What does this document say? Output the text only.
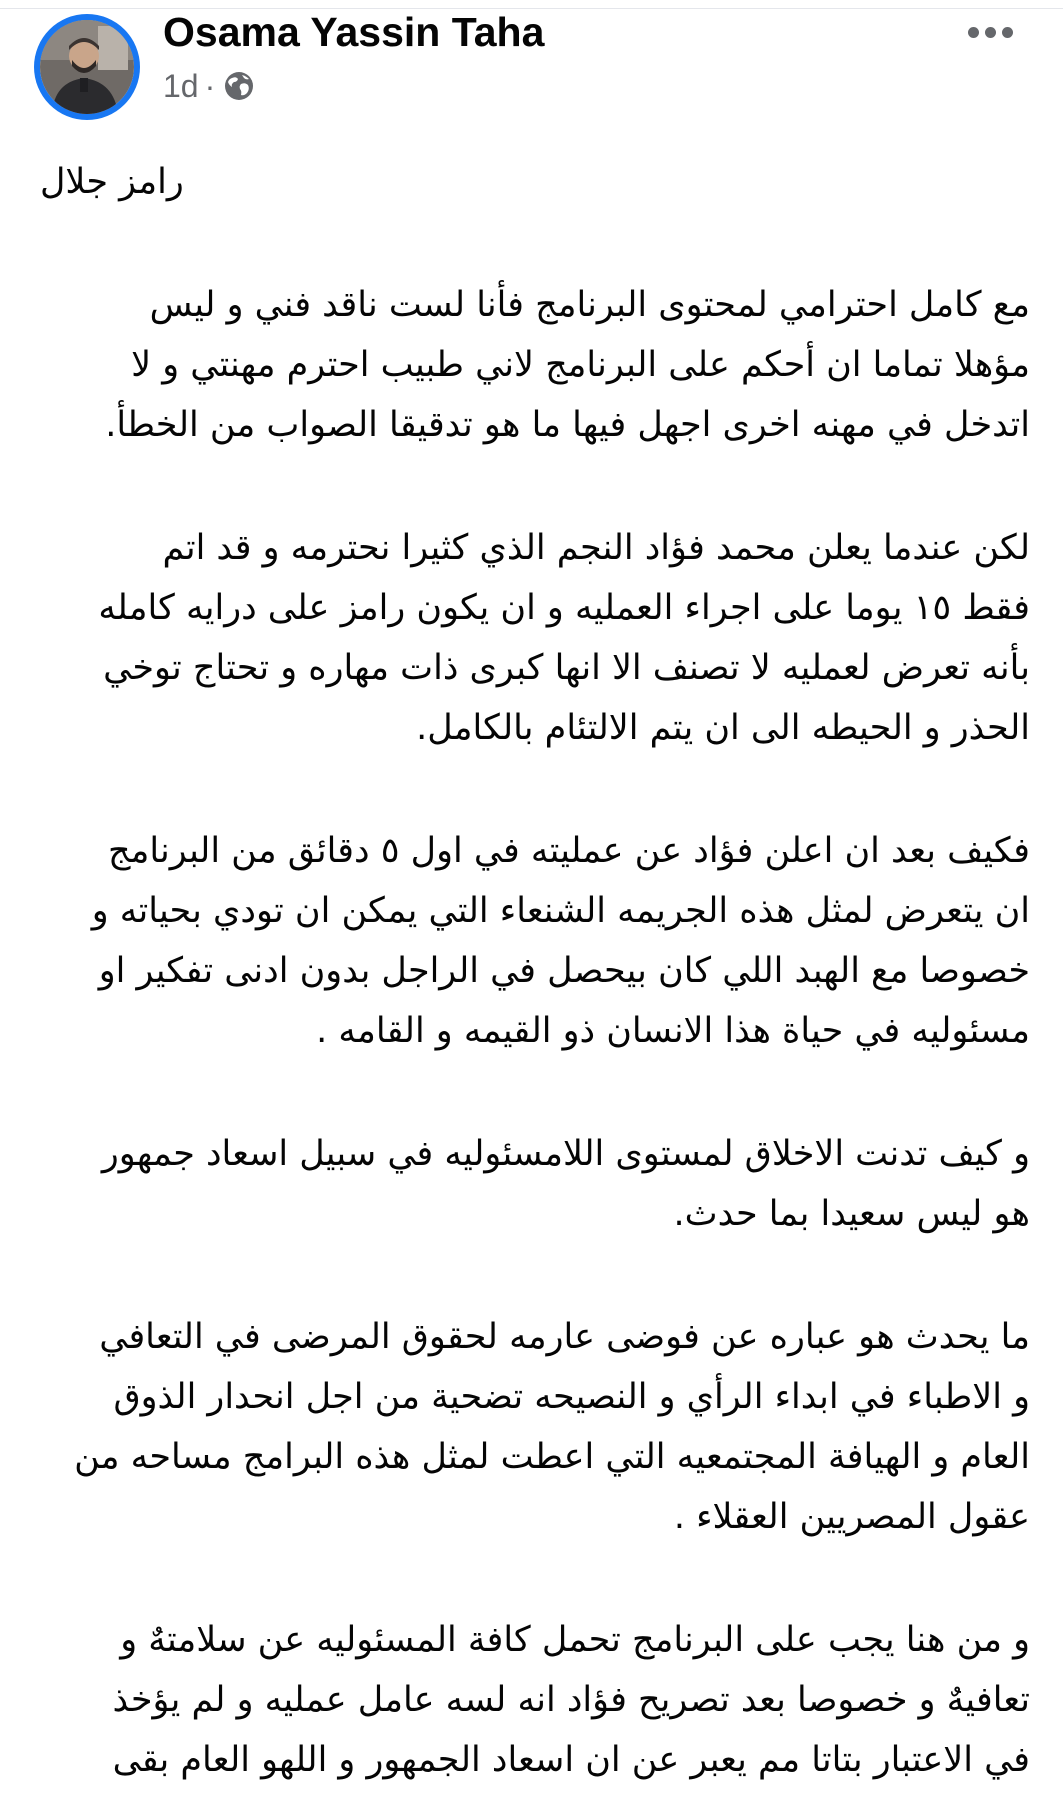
Osama Yassin Taha
1d ·
رامز جلال
مع كامل احترامي لمحتوى البرنامج فأنا لست ناقد فني و ليس
مؤهلا تماما ان أحكم على البرنامج لاني طبيب احترم مهنتي و لا
اتدخل في مهنه اخرى اجهل فيها ما هو تدقيقا الصواب من الخطأ.
لكن عندما يعلن محمد فؤاد النجم الذي كثيرا نحترمه و قد اتم
فقط ١٥ يوما على اجراء العمليه و ان يكون رامز على درايه كامله
بأنه تعرض لعمليه لا تصنف الا انها كبرى ذات مهاره و تحتاج توخي
الحذر و الحيطه الى ان يتم الالتئام بالكامل.
فكيف بعد ان اعلن فؤاد عن عمليته في اول ٥ دقائق من البرنامج
ان يتعرض لمثل هذه الجريمه الشنعاء التي يمكن ان تودي بحياته و
خصوصا مع الهبد اللي كان بيحصل في الراجل بدون ادنى تفكير او
مسئوليه في حياة هذا الانسان ذو القيمه و القامه .
و كيف تدنت الاخلاق لمستوى اللامسئوليه في سبيل اسعاد جمهور
هو ليس سعيدا بما حدث.
ما يحدث هو عباره عن فوضى عارمه لحقوق المرضى في التعافي
و الاطباء في ابداء الرأي و النصيحه تضحية من اجل انحدار الذوق
العام و الهيافة المجتمعيه التي اعطت لمثل هذه البرامج مساحه من
عقول المصريين العقلاء .
و من هنا يجب على البرنامج تحمل كافة المسئوليه عن سلامتهٌ و
تعافيهٌ و خصوصا بعد تصريح فؤاد انه لسه عامل عمليه و لم يؤخذ
في الاعتبار بتاتا مم يعبر عن ان اسعاد الجمهور و اللهو العام بقى
